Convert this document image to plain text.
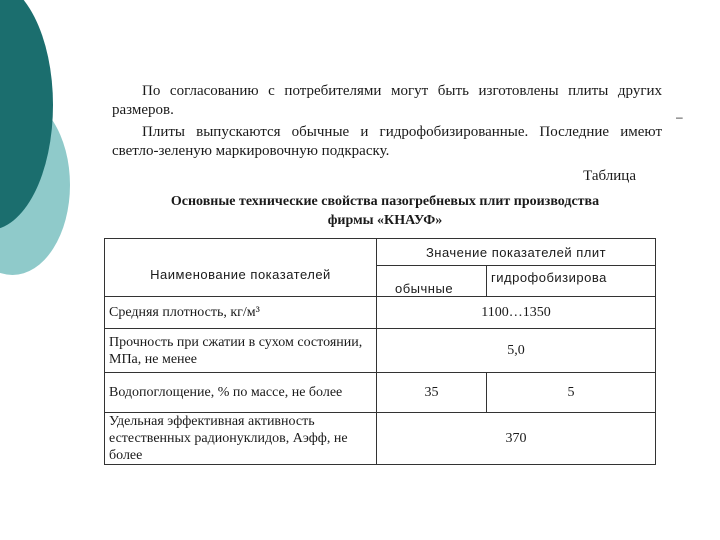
–

По согласованию с потребителями могут быть изготовлены плиты других размеров.

Плиты выпускаются обычные и гидрофобизированные. Последние имеют светло-зеленую маркировочную подкраску.

Таблица
Основные технические свойства пазогребневых плит производства
фирмы «КНАУФ»
Наименование показателей	Значение показателей плит	
	обычные	гидрофобизирова
Средняя плотность, кг/м³	1100…1350	
Прочность при сжатии в сухом состоянии, МПа, не менее	5,0	
Водопоглощение, % по массе, не более	35	5
Удельная эффективная активность естественных радионуклидов, Аэфф, не более	370	
